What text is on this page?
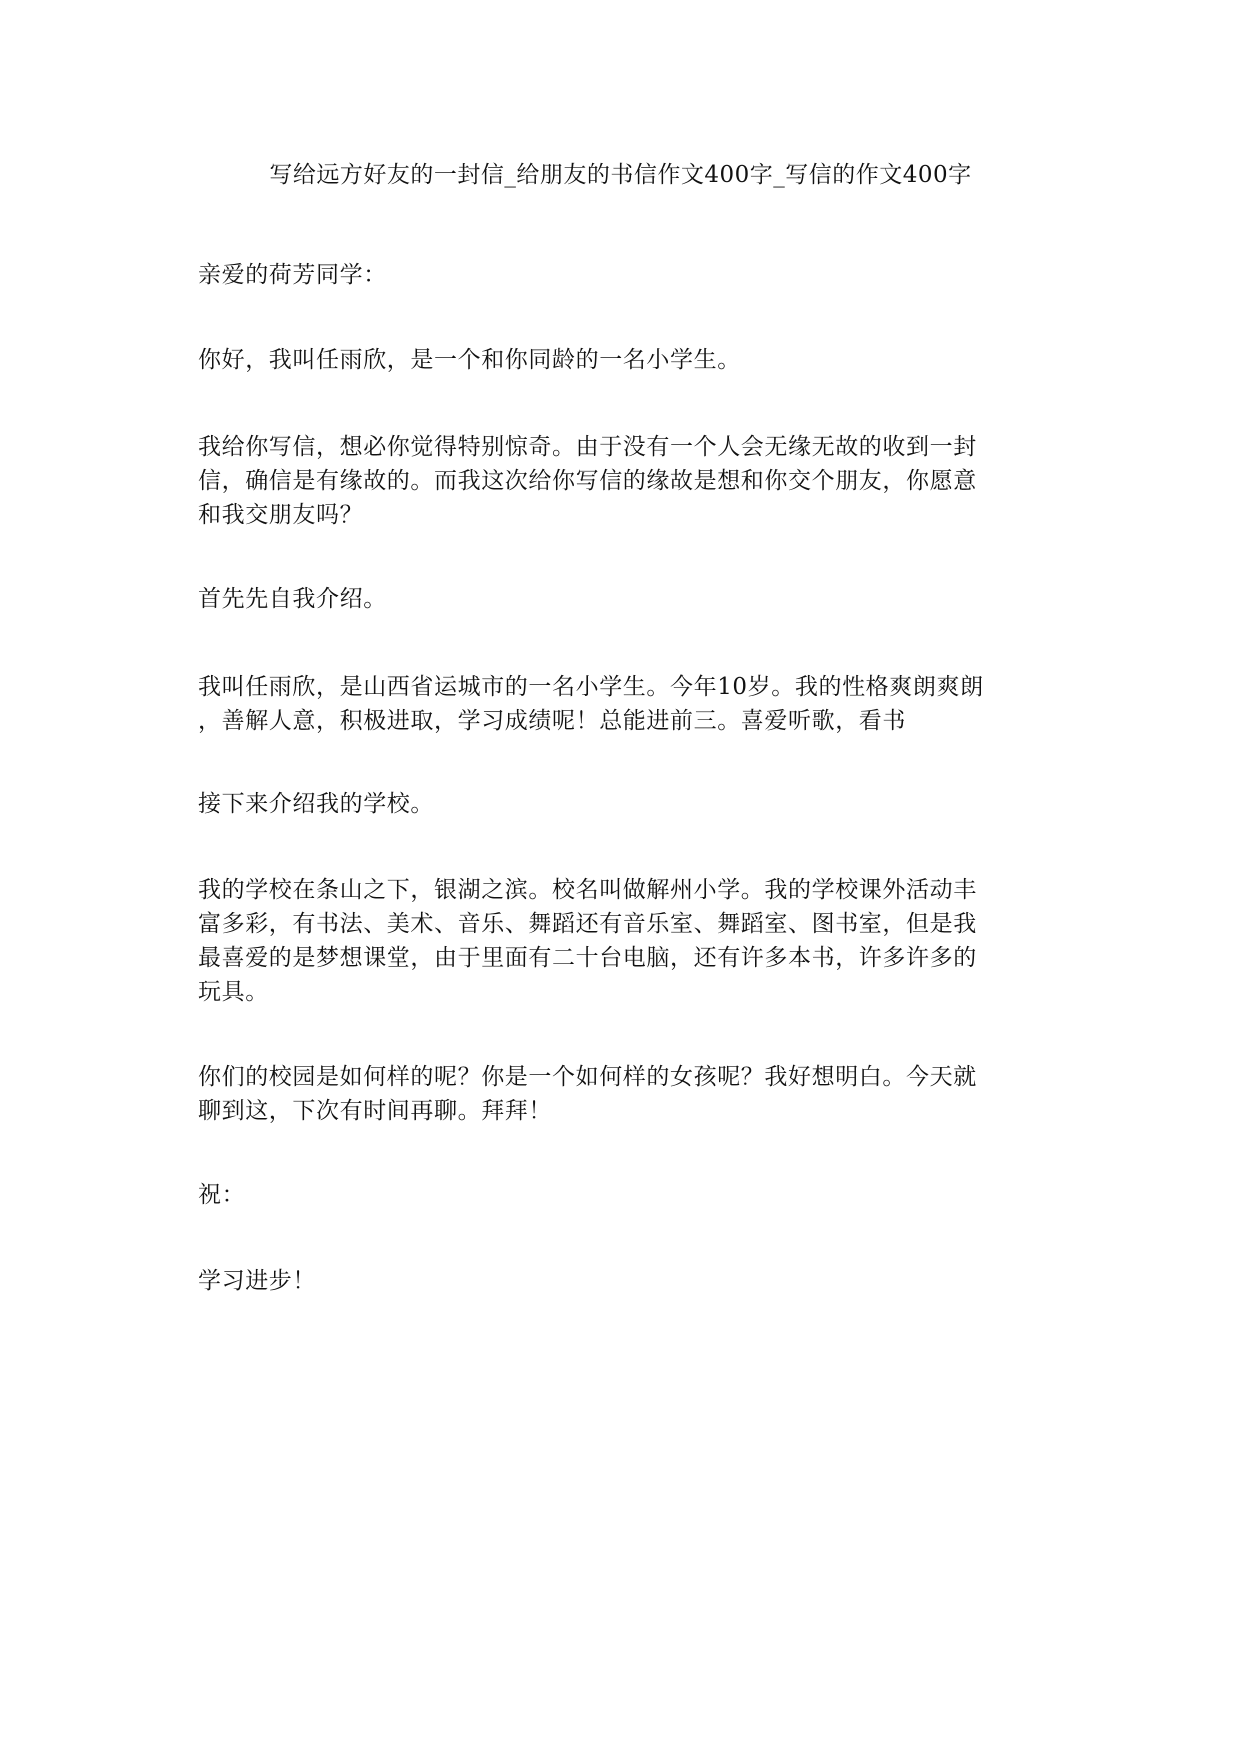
写给远方好友的一封信_给朋友的书信作文400字_写信的作文400字

亲爱的荷芳同学：

你好，我叫任雨欣，是一个和你同龄的一名小学生。

我给你写信，想必你觉得特别惊奇。由于没有一个人会无缘无故的收到一封
信，确信是有缘故的。而我这次给你写信的缘故是想和你交个朋友，你愿意
和我交朋友吗？

首先先自我介绍。

我叫任雨欣，是山西省运城市的一名小学生。今年10岁。我的性格爽朗爽朗
，善解人意，积极进取，学习成绩呢！总能进前三。喜爱听歌，看书

接下来介绍我的学校。

我的学校在条山之下，银湖之滨。校名叫做解州小学。我的学校课外活动丰
富多彩，有书法、美术、音乐、舞蹈还有音乐室、舞蹈室、图书室，但是我
最喜爱的是梦想课堂，由于里面有二十台电脑，还有许多本书，许多许多的
玩具。

你们的校园是如何样的呢？你是一个如何样的女孩呢？我好想明白。今天就
聊到这，下次有时间再聊。拜拜！

祝：

学习进步！
